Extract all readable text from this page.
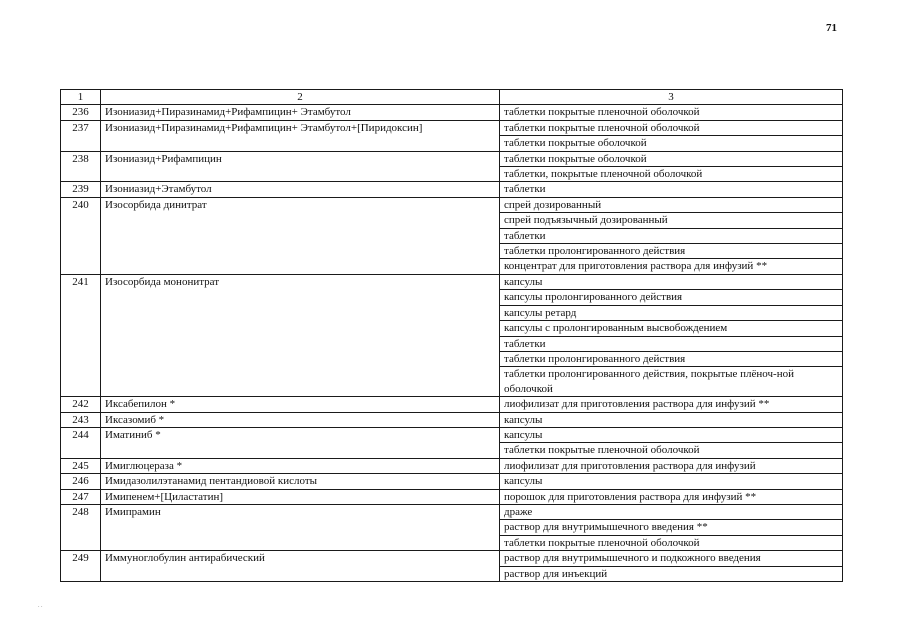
71
1	2	3
236	Изониазид+Пиразинамид+Рифампицин+ Этамбутол	таблетки покрытые пленочной оболочкой
237	Изониазид+Пиразинамид+Рифампицин+ Этамбутол+[Пиридоксин]	таблетки покрытые пленочной оболочкой
		таблетки покрытые оболочкой
238	Изониазид+Рифампицин	таблетки покрытые оболочкой
		таблетки, покрытые пленочной оболочкой
239	Изониазид+Этамбутол	таблетки
240	Изосорбида динитрат	спрей дозированный
		спрей подъязычный дозированный
		таблетки
		таблетки пролонгированного действия
		концентрат для приготовления раствора для инфузий **
241	Изосорбида мононитрат	капсулы
		капсулы пролонгированного действия
		капсулы ретард
		капсулы с пролонгированным высвобождением
		таблетки
		таблетки пролонгированного действия
		таблетки пролонгированного действия, покрытые плёноч-ной оболочкой
242	Иксабепилон *	лиофилизат для приготовления раствора для инфузий **
243	Иксазомиб *	капсулы
244	Иматиниб *	капсулы
		таблетки покрытые пленочной оболочкой
245	Имиглюцераза *	лиофилизат для приготовления раствора для инфузий
246	Имидазолилэтанамид пентандиовой кислоты	капсулы
247	Имипенем+[Циластатин]	порошок для приготовления раствора для инфузий **
248	Имипрамин	драже
		раствор для внутримышечного введения **
		таблетки покрытые пленочной оболочкой
249	Иммуноглобулин антирабический	раствор для внутримышечного и подкожного введения
		раствор для инъекций
. .
